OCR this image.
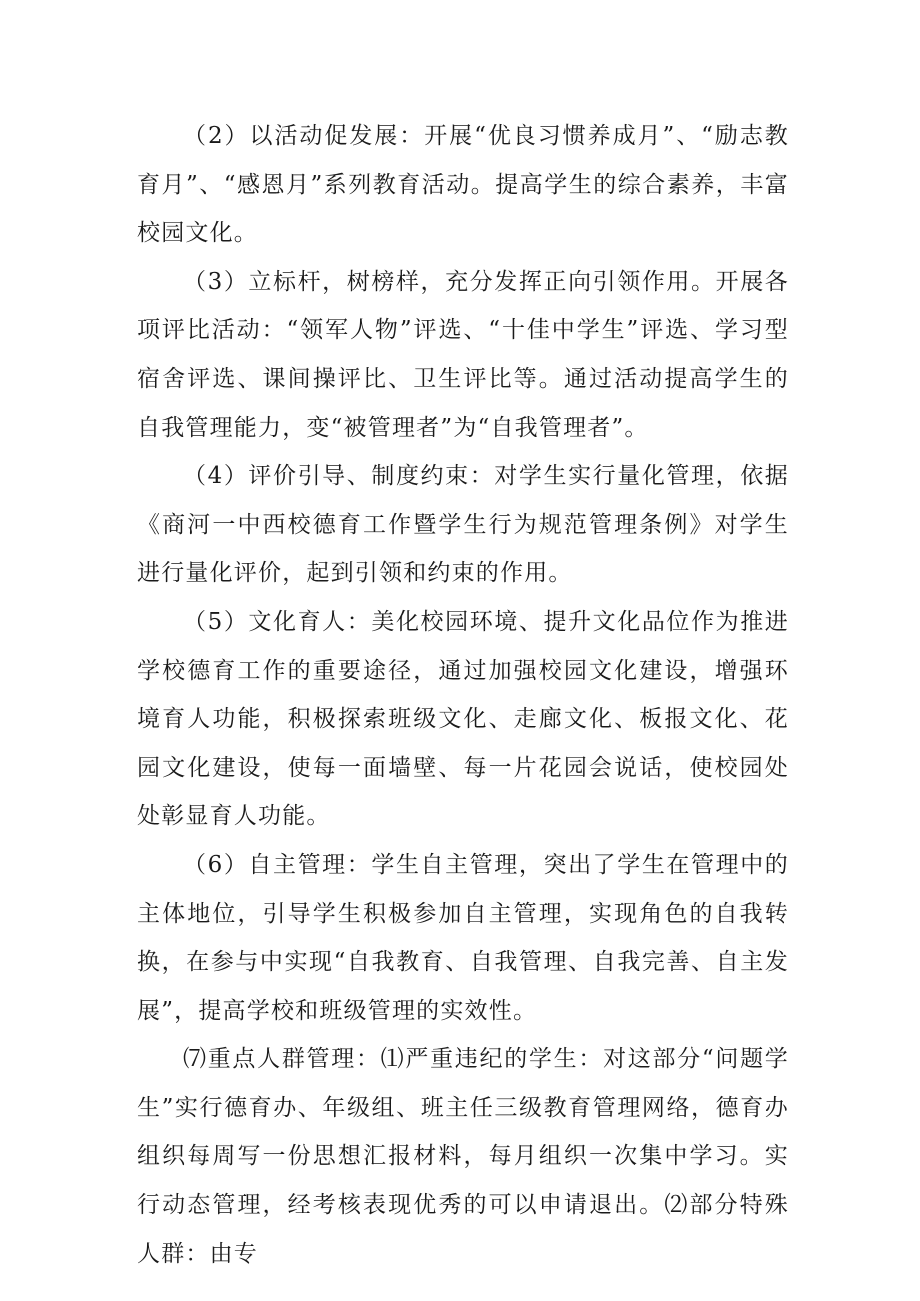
（2）以活动促发展：开展“优良习惯养成月”、“励志教育月”、“感恩月”系列教育活动。提高学生的综合素养，丰富校园文化。

（3）立标杆，树榜样，充分发挥正向引领作用。开展各项评比活动：“领军人物”评选、“十佳中学生”评选、学习型宿舍评选、课间操评比、卫生评比等。通过活动提高学生的自我管理能力，变“被管理者”为“自我管理者”。

（4）评价引导、制度约束：对学生实行量化管理，依据《商河一中西校德育工作暨学生行为规范管理条例》对学生进行量化评价，起到引领和约束的作用。

（5）文化育人：美化校园环境、提升文化品位作为推进学校德育工作的重要途径，通过加强校园文化建设，增强环境育人功能，积极探索班级文化、走廊文化、板报文化、花园文化建设，使每一面墙壁、每一片花园会说话，使校园处处彰显育人功能。

（6）自主管理：学生自主管理，突出了学生在管理中的主体地位，引导学生积极参加自主管理，实现角色的自我转换，在参与中实现“自我教育、自我管理、自我完善、自主发展”，提高学校和班级管理的实效性。

⑺重点人群管理：⑴严重违纪的学生：对这部分“问题学生”实行德育办、年级组、班主任三级教育管理网络，德育办组织每周写一份思想汇报材料，每月组织一次集中学习。实行动态管理，经考核表现优秀的可以申请退出。⑵部分特殊人群：由专
